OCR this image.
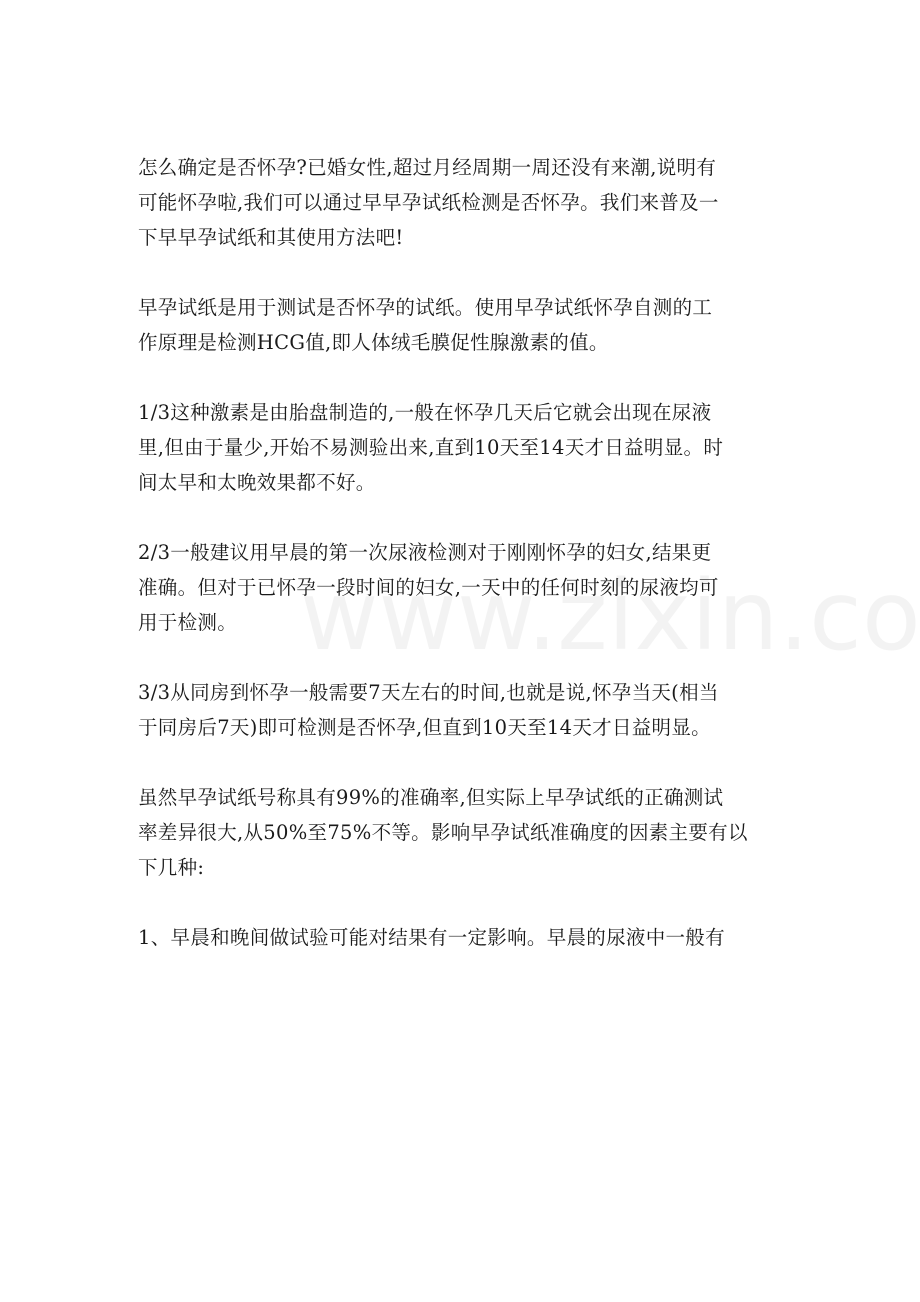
怎么确定是否怀孕?已婚女性,超过月经周期一周还没有来潮,说明有
可能怀孕啦,我们可以通过早早孕试纸检测是否怀孕。我们来普及一
下早早孕试纸和其使用方法吧!

早孕试纸是用于测试是否怀孕的试纸。使用早孕试纸怀孕自测的工
作原理是检测HCG值,即人体绒毛膜促性腺激素的值。

1/3这种激素是由胎盘制造的,一般在怀孕几天后它就会出现在尿液
里,但由于量少,开始不易测验出来,直到10天至14天才日益明显。时
间太早和太晚效果都不好。

2/3一般建议用早晨的第一次尿液检测对于刚刚怀孕的妇女,结果更
准确。但对于已怀孕一段时间的妇女,一天中的任何时刻的尿液均可
用于检测。

3/3从同房到怀孕一般需要7天左右的时间,也就是说,怀孕当天(相当
于同房后7天)即可检测是否怀孕,但直到10天至14天才日益明显。

虽然早孕试纸号称具有99%的准确率,但实际上早孕试纸的正确测试
率差异很大,从50%至75%不等。影响早孕试纸准确度的因素主要有以
下几种:

1、早晨和晚间做试验可能对结果有一定影响。早晨的尿液中一般有
